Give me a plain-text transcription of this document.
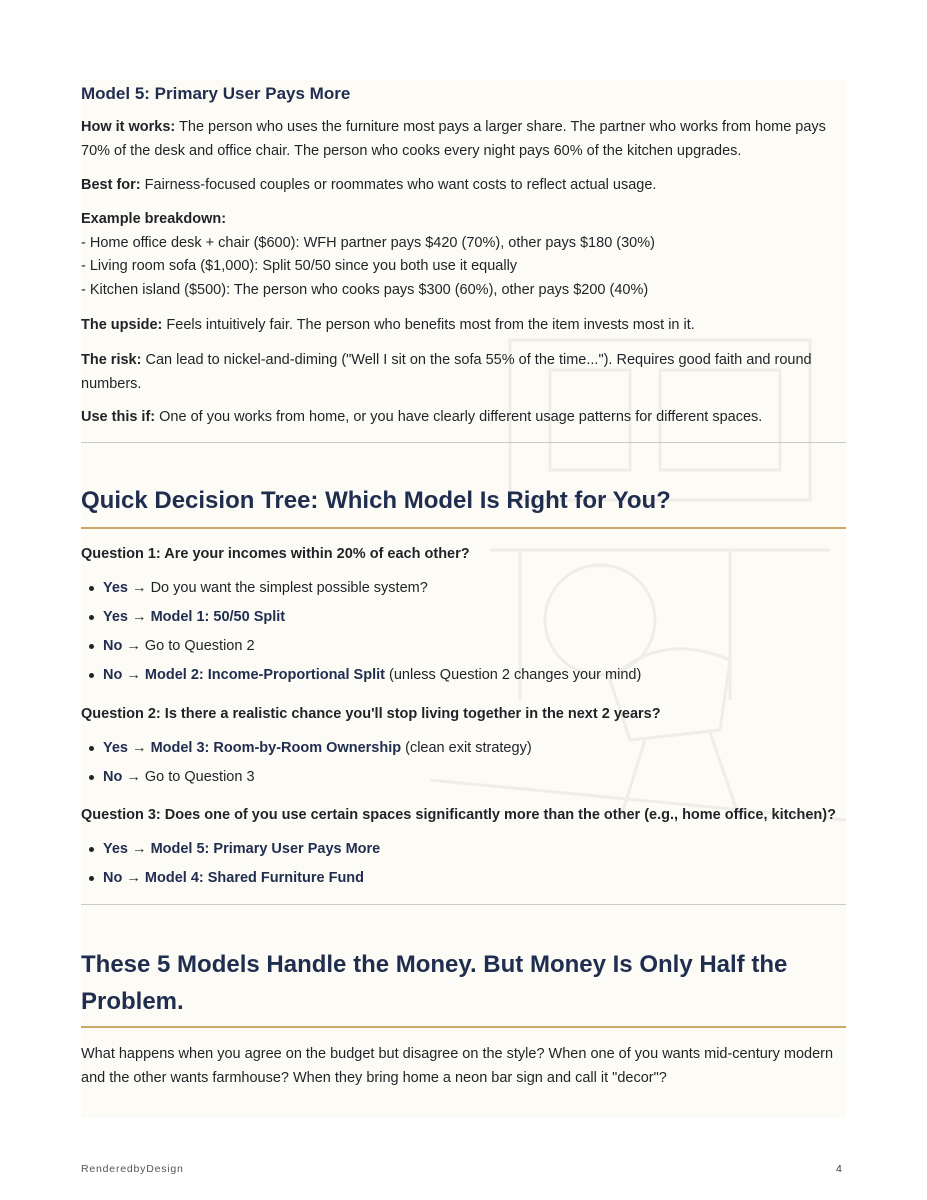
Model 5: Primary User Pays More

How it works: The person who uses the furniture most pays a larger share. The partner who works from home pays 70% of the desk and office chair. The person who cooks every night pays 60% of the kitchen upgrades.

Best for: Fairness-focused couples or roommates who want costs to reflect actual usage.

Example breakdown:
- Home office desk + chair ($600): WFH partner pays $420 (70%), other pays $180 (30%)
- Living room sofa ($1,000): Split 50/50 since you both use it equally
- Kitchen island ($500): The person who cooks pays $300 (60%), other pays $200 (40%)

The upside: Feels intuitively fair. The person who benefits most from the item invests most in it.

The risk: Can lead to nickel-and-diming ("Well I sit on the sofa 55% of the time..."). Requires good faith and round numbers.

Use this if: One of you works from home, or you have clearly different usage patterns for different spaces.

Quick Decision Tree: Which Model Is Right for You?
Question 1: Are your incomes within 20% of each other?
Yes → Do you want the simplest possible system?
Yes → Model 1: 50/50 Split
No → Go to Question 2
No → Model 2: Income-Proportional Split (unless Question 2 changes your mind)
Question 2: Is there a realistic chance you'll stop living together in the next 2 years?
Yes → Model 3: Room-by-Room Ownership (clean exit strategy)
No → Go to Question 3
Question 3: Does one of you use certain spaces significantly more than the other (e.g., home office, kitchen)?
Yes → Model 5: Primary User Pays More
No → Model 4: Shared Furniture Fund
These 5 Models Handle the Money. But Money Is Only Half the Problem.

What happens when you agree on the budget but disagree on the style? When one of you wants mid-century modern and the other wants farmhouse? When they bring home a neon bar sign and call it "decor"?

RenderedbyDesign	4
